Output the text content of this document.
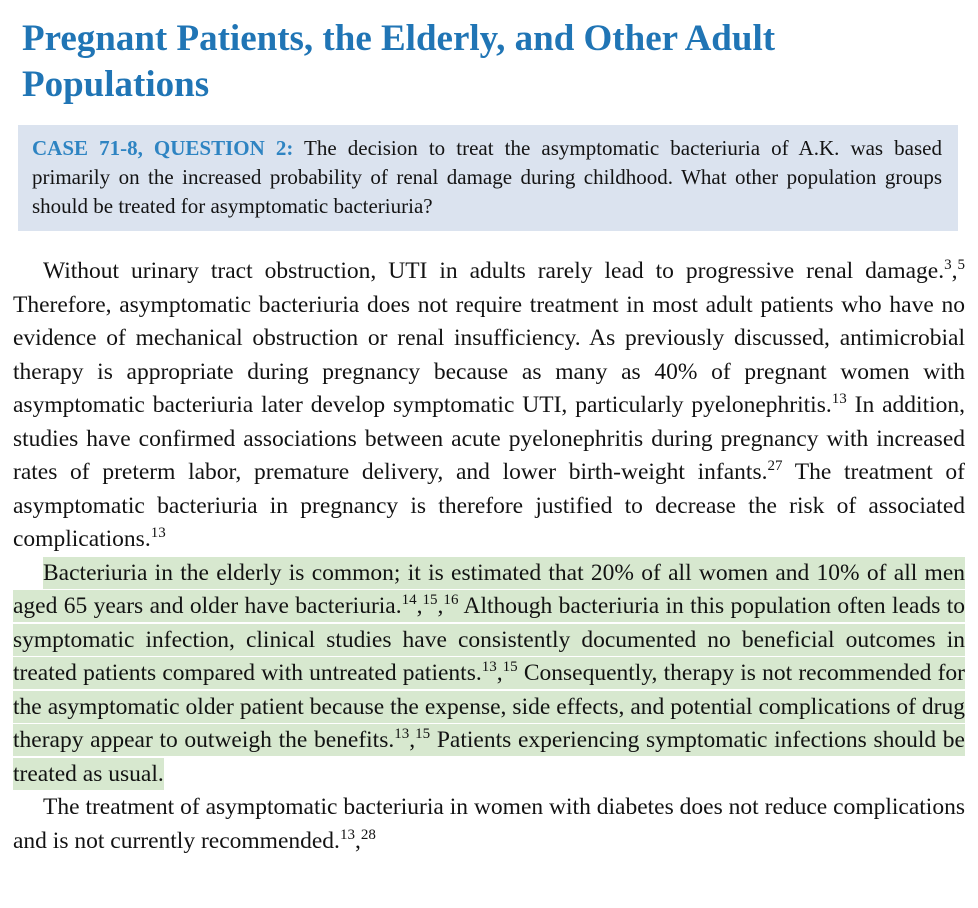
Pregnant Patients, the Elderly, and Other Adult Populations

CASE 71-8, QUESTION 2: The decision to treat the asymptomatic bacteriuria of A.K. was based primarily on the increased probability of renal damage during childhood. What other population groups should be treated for asymptomatic bacteriuria?

Without urinary tract obstruction, UTI in adults rarely lead to progressive renal damage.$^3$,$^5$ Therefore, asymptomatic bacteriuria does not require treatment in most adult patients who have no evidence of mechanical obstruction or renal insufficiency. As previously discussed, antimicrobial therapy is appropriate during pregnancy because as many as 40% of pregnant women with asymptomatic bacteriuria later develop symptomatic UTI, particularly pyelonephritis.$^{13}$ In addition, studies have confirmed associations between acute pyelonephritis during pregnancy with increased rates of preterm labor, premature delivery, and lower birth-weight infants.$^{27}$ The treatment of asymptomatic bacteriuria in pregnancy is therefore justified to decrease the risk of associated complications.$^{13}$

Bacteriuria in the elderly is common; it is estimated that 20% of all women and 10% of all men aged 65 years and older have bacteriuria.$^{14}$,$^{15}$,$^{16}$ Although bacteriuria in this population often leads to symptomatic infection, clinical studies have consistently documented no beneficial outcomes in treated patients compared with untreated patients.$^{13}$,$^{15}$ Consequently, therapy is not recommended for the asymptomatic older patient because the expense, side effects, and potential complications of drug therapy appear to outweigh the benefits.$^{13}$,$^{15}$ Patients experiencing symptomatic infections should be treated as usual.

The treatment of asymptomatic bacteriuria in women with diabetes does not reduce complications and is not currently recommended.$^{13}$,$^{28}$
